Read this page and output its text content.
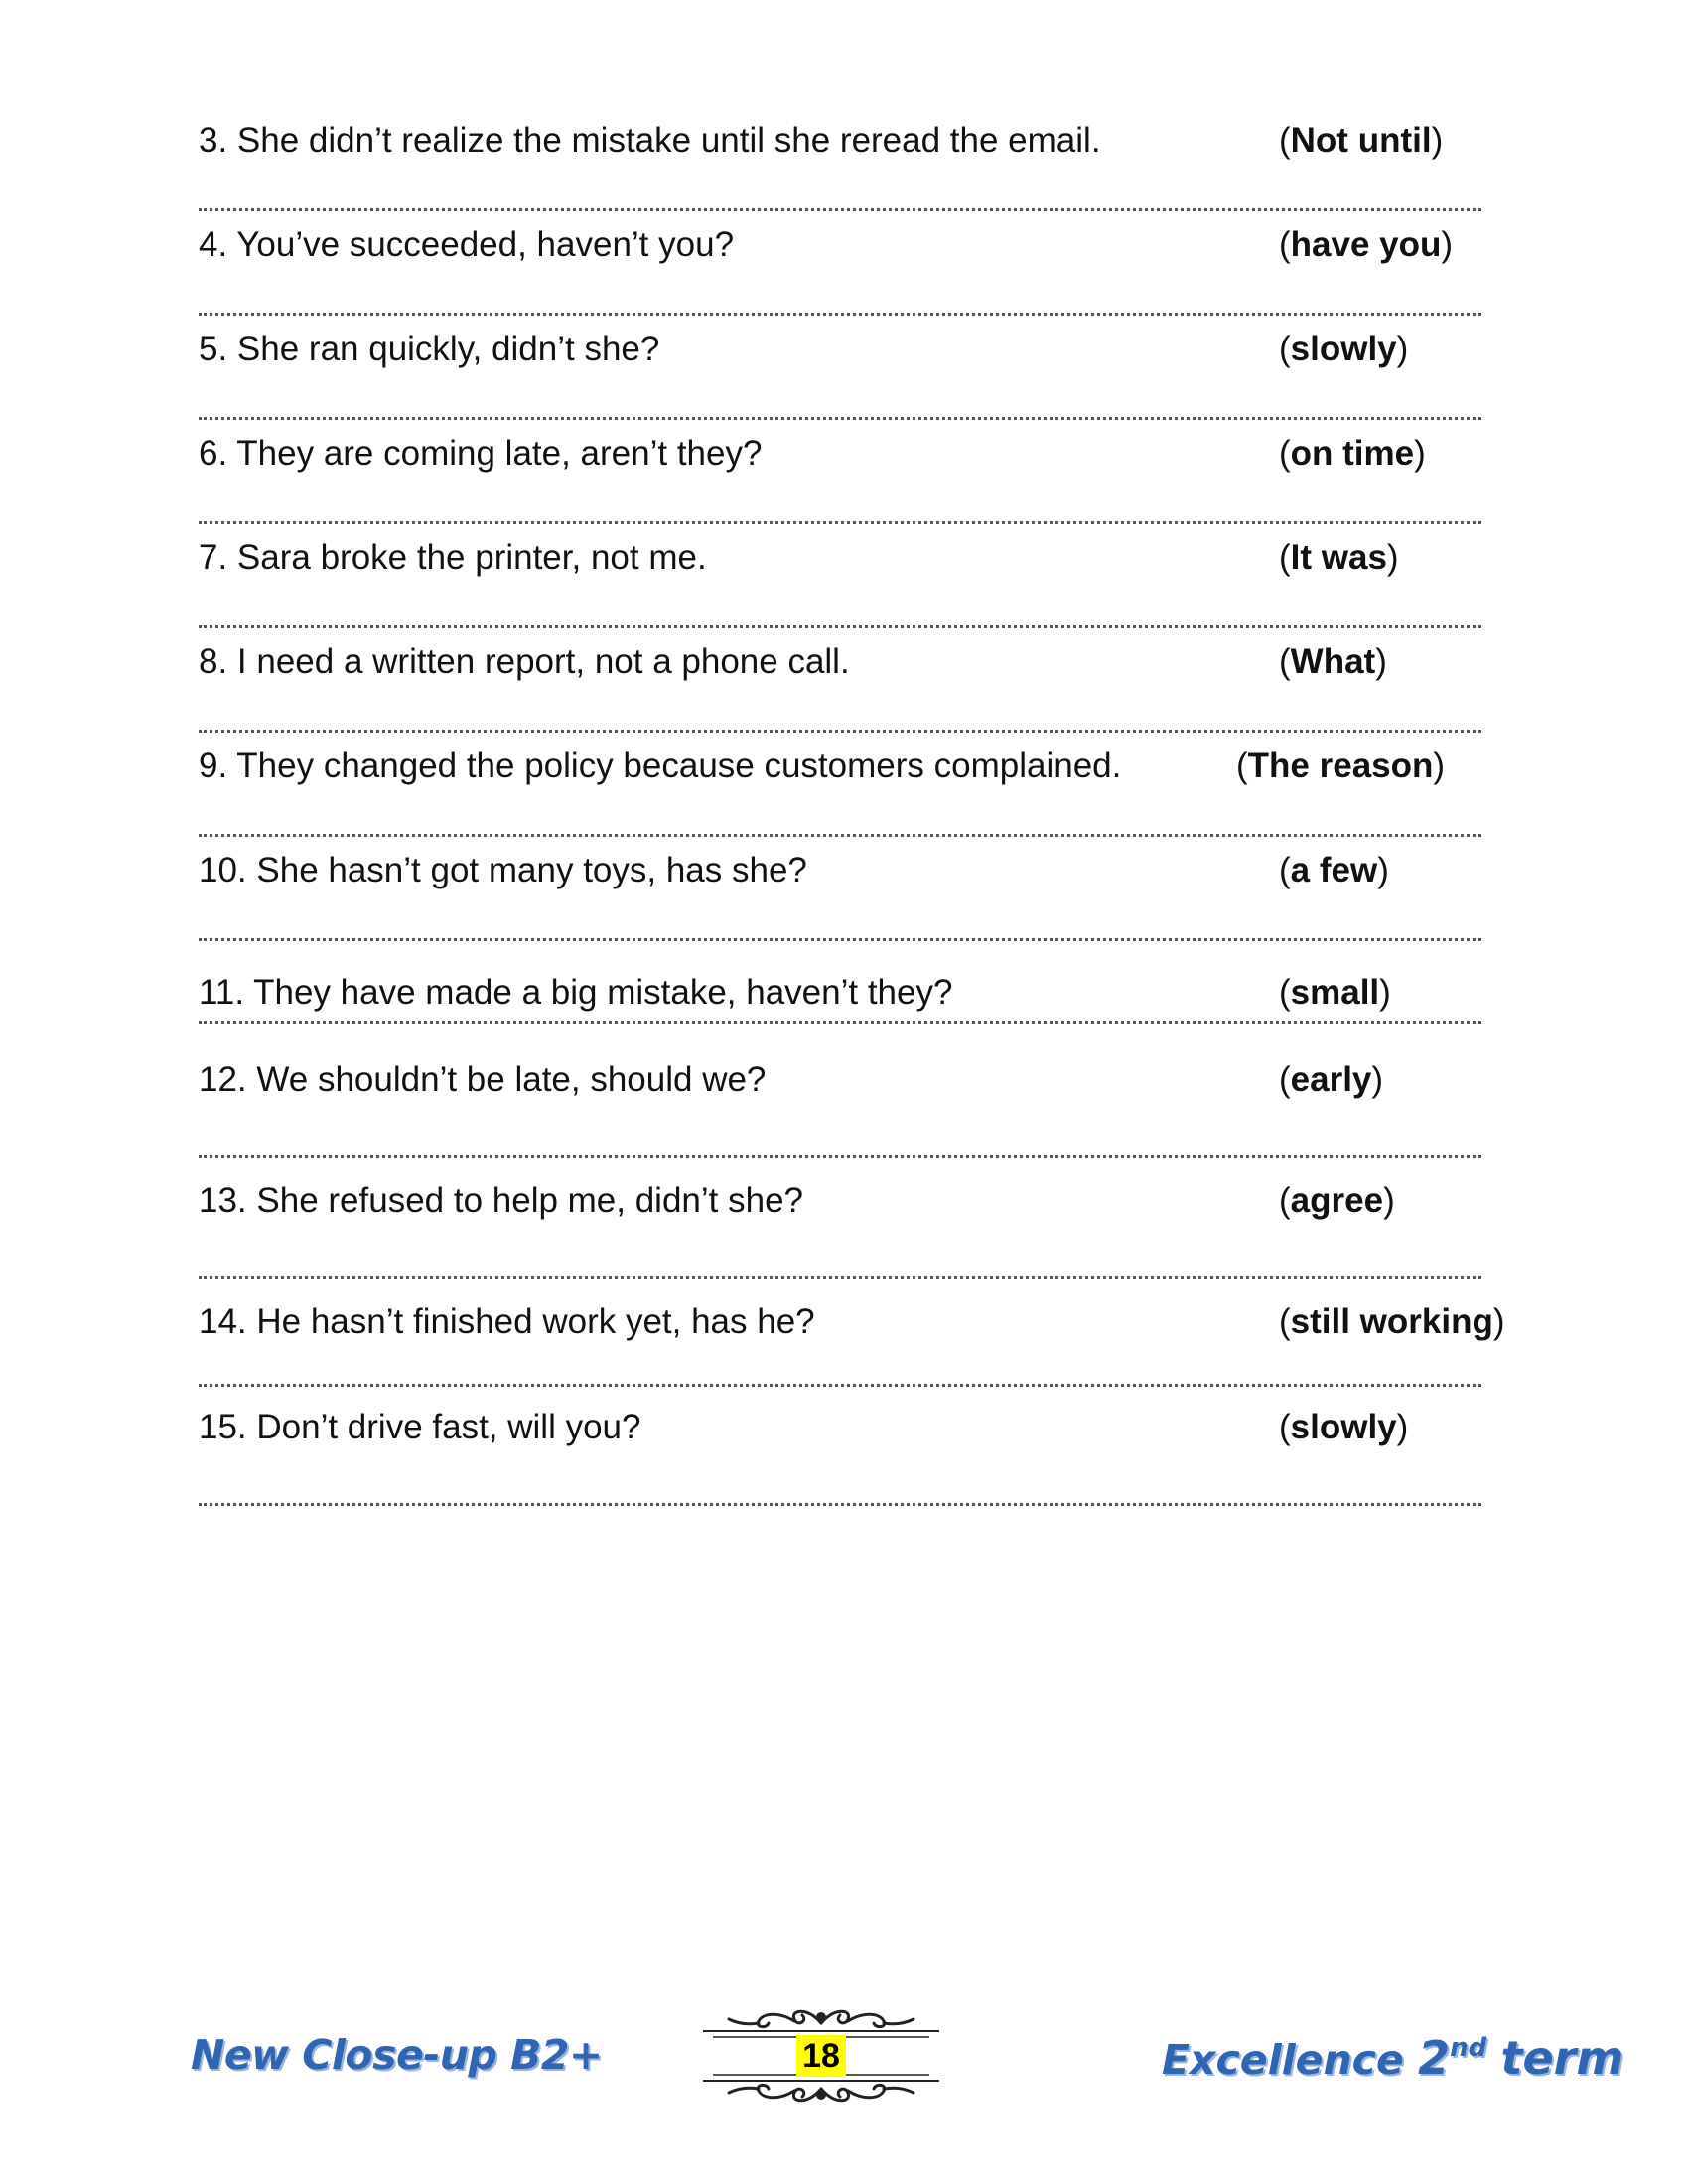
3. She didn’t realize the mistake until she reread the email.	(Not until)
4. You’ve succeeded, haven’t you?	(have you)
5. She ran quickly, didn’t she?	(slowly)
6. They are coming late, aren’t they?	(on time)
7. Sara broke the printer, not me.	(It was)
8. I need a written report, not a phone call.	(What)
9. They changed the policy because customers complained.	(The reason)
10. She hasn’t got many toys, has she?	(a few)
11. They have made a big mistake, haven’t they?	(small)
12. We shouldn’t be late, should we?	(early)
13. She refused to help me, didn’t she?	(agree)
14. He hasn’t finished work yet, has he?	(still working)
15. Don’t drive fast, will you?	(slowly)
New Close-up B2+	18	Excellence 2nd term
